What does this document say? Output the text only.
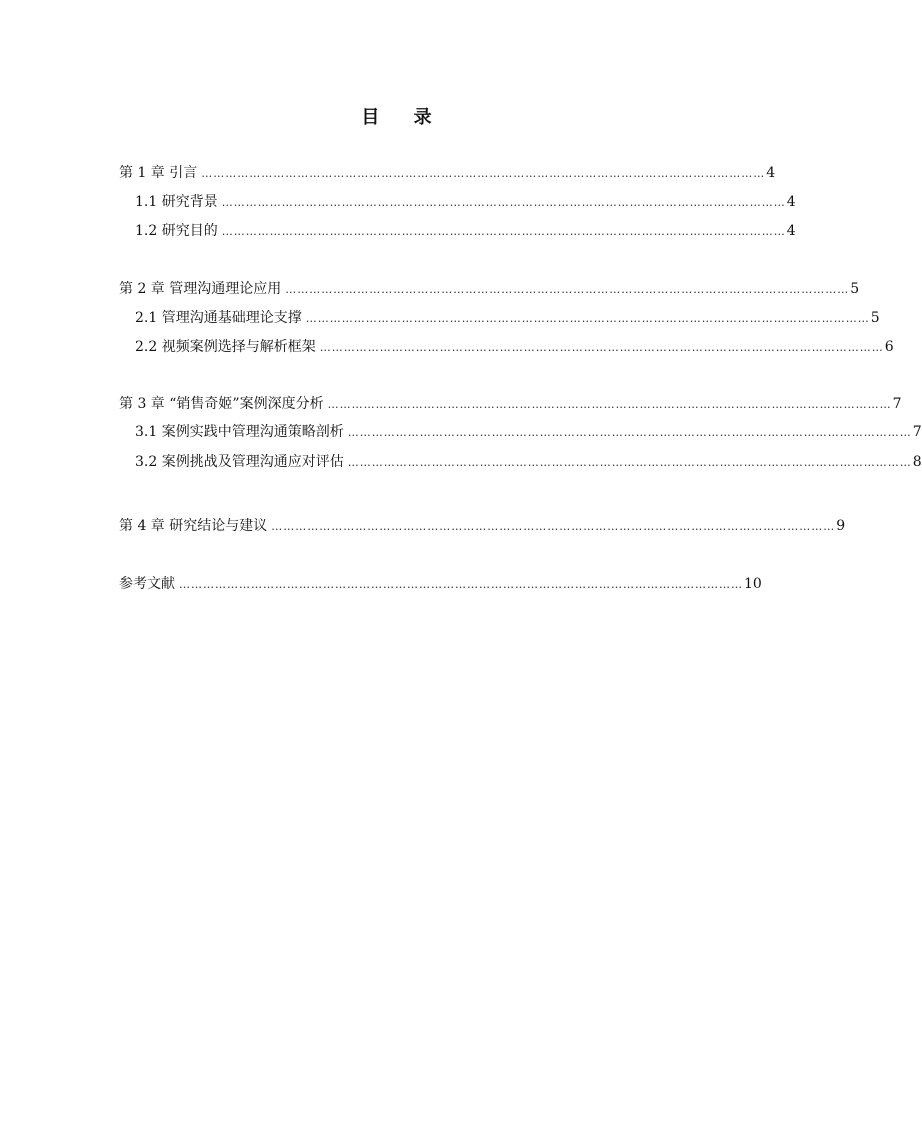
目 录
第 1 章 引言 …………………………………………………………………………………………………………………………… 4
1.1 研究背景 …………………………………………………………………………………………………………………………… 4
1.2 研究目的 …………………………………………………………………………………………………………………………… 4
第 2 章 管理沟通理论应用 …………………………………………………………………………………………………………………………… 5
2.1 管理沟通基础理论支撑 …………………………………………………………………………………………………………………………… 5
2.2 视频案例选择与解析框架 …………………………………………………………………………………………………………………………… 6
第 3 章 “销售奇姬”案例深度分析 …………………………………………………………………………………………………………………………… 7
3.1 案例实践中管理沟通策略剖析 …………………………………………………………………………………………………………………………… 7
3.2 案例挑战及管理沟通应对评估 …………………………………………………………………………………………………………………………… 8
第 4 章 研究结论与建议 …………………………………………………………………………………………………………………………… 9
参考文献 …………………………………………………………………………………………………………………………… 10
